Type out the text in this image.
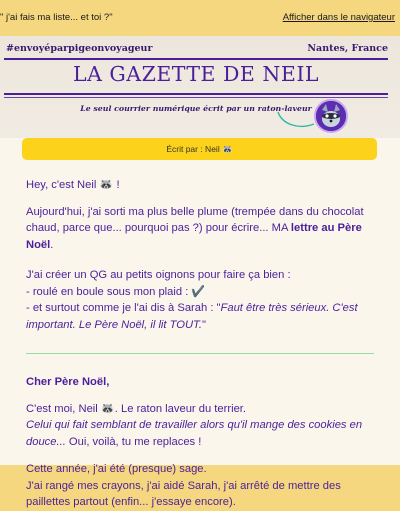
" j'ai fais ma liste... et toi ?"	Afficher dans le navigateur
#envoyéparpigeonvoyageur	Nantes, France
LA GAZETTE DE NEIL
Le seul courrier numérique écrit par un raton-laveur
Écrit par : Neil 🦝

Hey, c'est Neil 🦝 !

Aujourd'hui, j'ai sorti ma plus belle plume (trempée dans du chocolat chaud, parce que... pourquoi pas ?) pour écrire... MA lettre au Père Noël.

J'ai créer un QG au petits oignons pour faire ça bien :

- roulé en boule sous mon plaid : ✔️

- et surtout comme je l'ai dis à Sarah : "Faut être très sérieux. C'est important. Le Père Noël, il lit TOUT."

Cher Père Noël,

C'est moi, Neil 🦝. Le raton laveur du terrier.
Celui qui fait semblant de travailler alors qu'il mange des cookies en douce... Oui, voilà, tu me replaces !

Cette année, j'ai été (presque) sage.
J'ai rangé mes crayons, j'ai aidé Sarah, j'ai arrêté de mettre des paillettes partout (enfin... j'essaye encore).
